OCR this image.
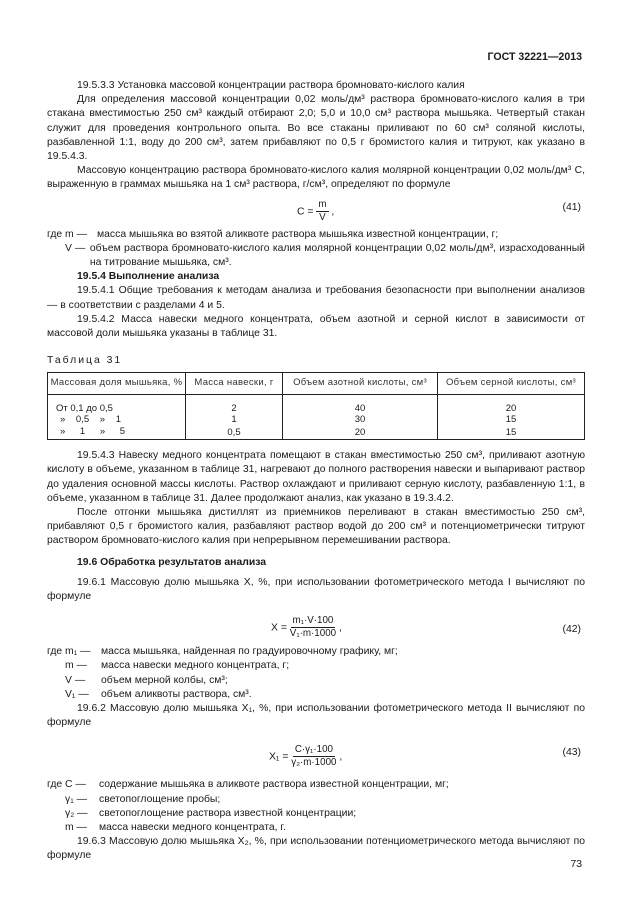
ГОСТ 32221—2013

19.5.3.3 Установка массовой концентрации раствора бромновато-кислого калия

Для определения массовой концентрации 0,02 моль/дм³ раствора бромновато-кислого калия в три стакана вместимостью 250 см³ каждый отбирают 2,0; 5,0 и 10,0 см³ раствора мышьяка. Четвертый стакан служит для проведения контрольного опыта. Во все стаканы приливают по 60 см³ соляной кислоты, разбавленной 1:1, воду до 200 см³, затем прибавляют по 0,5 г бромистого калия и титруют, как указано в 19.5.4.3.

Массовую концентрацию раствора бромновато-кислого калия молярной концентрации 0,02 моль/дм³ С, выраженную в граммах мышьяка на 1 см³ раствора, г/см³, определяют по формуле

$C = \frac{m}{V}$ ,	(41)
где m — масса мышьяка во взятой аликвоте раствора мышьяка известной концентрации, г;
V — объем раствора бромновато-кислого калия молярной концентрации 0,02 моль/дм³, израсходованный на титрование мышьяка, см³.

19.5.4 Выполнение анализа

19.5.4.1 Общие требования к методам анализа и требования безопасности при выполнении анализов — в соответствии с разделами 4 и 5.

19.5.4.2 Масса навески медного концентрата, объем азотной и серной кислот в зависимости от массовой доли мышьяка указаны в таблице 31.

Таблица 31
Массовая доля мышьяка, %	Масса навески, г	Объем азотной кислоты, см³	Объем серной кислоты, см³

От 0,1 до 0,5	2	40	20
» 0,5 » 1	1	30	15
» 1 » 5	0,5	20	15

19.5.4.3 Навеску медного концентрата помещают в стакан вместимостью 250 см³, приливают азотную кислоту в объеме, указанном в таблице 31, нагревают до полного растворения навески и выпаривают раствор до удаления основной массы кислоты. Раствор охлаждают и приливают серную кислоту, разбавленную 1:1, в объеме, указанном в таблице 31. Далее продолжают анализ, как указано в 19.3.4.2.

После отгонки мышьяка дистиллят из приемников переливают в стакан вместимостью 250 см³, прибавляют 0,5 г бромистого калия, разбавляют раствор водой до 200 см³ и потенциометрически титруют раствором бромновато-кислого калия при непрерывном перемешивании раствора.

19.6 Обработка результатов анализа

19.6.1 Массовую долю мышьяка X, %, при использовании фотометрического метода I вычисляют по формуле

$X = \frac{\text{m₁·V·100}}{\text{V₁·m·1000}}$ ,	(42)
где m₁ —	масса мышьяка, найденная по градуировочному графику, мг;
m —	масса навески медного концентрата, г;
V —	объем мерной колбы, см³;
V₁ —	объем аликвоты раствора, см³.

19.6.2 Массовую долю мышьяка X₁, %, при использовании фотометрического метода II вычисляют по формуле

$X_1 = \frac{\text{C·γ₁·100}}{\text{γ₂·m·1000}}$ ,	(43)
где C —	содержание мышьяка в аликвоте раствора известной концентрации, мг;
γ₁ —	светопоглощение пробы;
γ₂ —	светопоглощение раствора известной концентрации;
m —	масса навески медного концентрата, г.

19.6.3 Массовую долю мышьяка X₂, %, при использовании потенциометрического метода вычисляют по формуле

73
